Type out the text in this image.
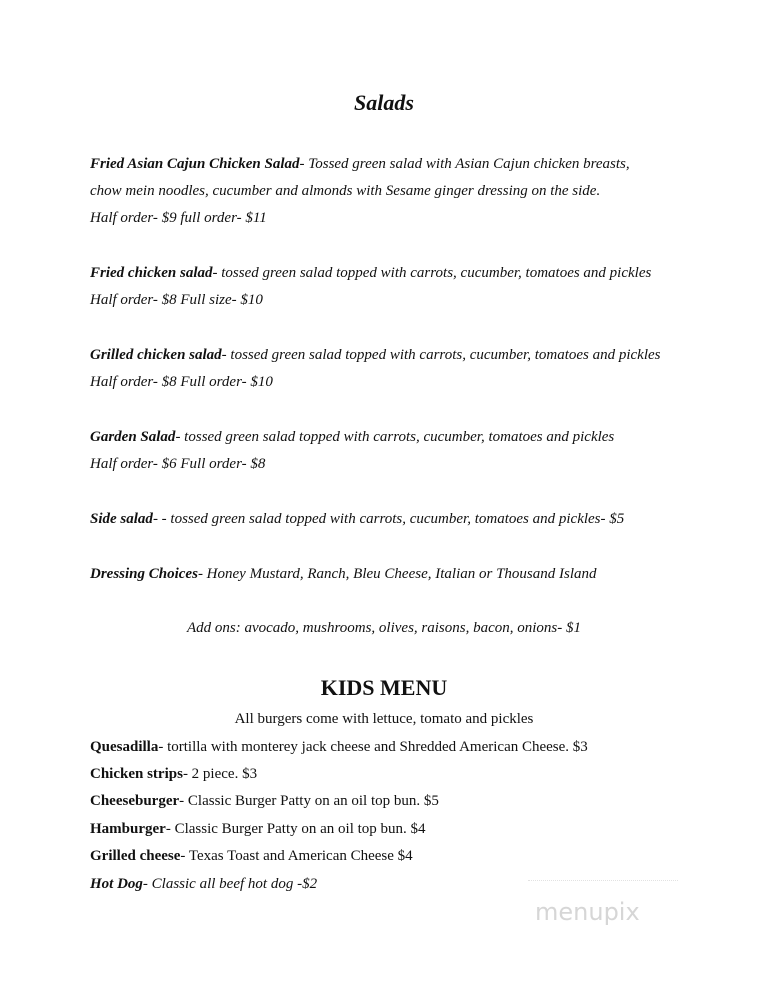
Salads
Fried Asian Cajun Chicken Salad- Tossed green salad with Asian Cajun chicken breasts,
chow mein noodles, cucumber and almonds with Sesame ginger dressing on the side.
Half order- $9 full order- $11
Fried chicken salad- tossed green salad topped with carrots, cucumber, tomatoes and pickles
Half order- $8 Full size- $10
Grilled chicken salad- tossed green salad topped with carrots, cucumber, tomatoes and pickles
Half order- $8 Full order- $10
Garden Salad- tossed green salad topped with carrots, cucumber, tomatoes and pickles
Half order- $6 Full order- $8
Side salad- - tossed green salad topped with carrots, cucumber, tomatoes and pickles- $5
Dressing Choices- Honey Mustard, Ranch, Bleu Cheese, Italian or Thousand Island
Add ons: avocado, mushrooms, olives, raisons, bacon, onions- $1
KIDS MENU
All burgers come with lettuce, tomato and pickles
Quesadilla- tortilla with monterey jack cheese and Shredded American Cheese. $3
Chicken strips- 2 piece. $3
Cheeseburger- Classic Burger Patty on an oil top bun. $5
Hamburger- Classic Burger Patty on an oil top bun. $4
Grilled cheese- Texas Toast and American Cheese $4
Hot Dog- Classic all beef hot dog -$2
menupix
